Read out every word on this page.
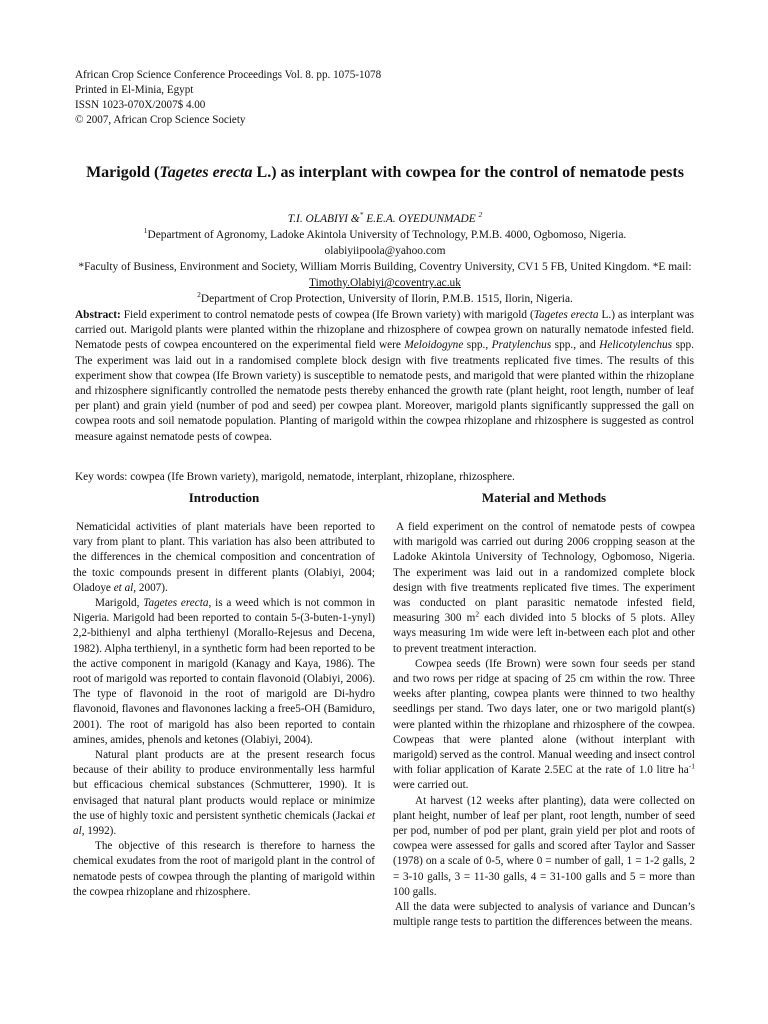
African Crop Science Conference Proceedings Vol. 8. pp. 1075-1078
Printed in El-Minia, Egypt
ISSN 1023-070X/2007$ 4.00
© 2007, African Crop Science Society
Marigold (Tagetes erecta L.) as interplant with cowpea for the control of nematode pests
T.I. OLABIYI &* E.E.A. OYEDUNMADE $^2$
$^1$Department of Agronomy, Ladoke Akintola University of Technology, P.M.B. 4000, Ogbomoso, Nigeria.
olabiyiipoola@yahoo.com
*Faculty of Business, Environment and Society, William Morris Building, Coventry University, CV1 5 FB, United Kingdom. *E mail: Timothy.Olabiyi@coventry.ac.uk
$^2$Department of Crop Protection, University of Ilorin, P.M.B. 1515, Ilorin, Nigeria.
Abstract: Field experiment to control nematode pests of cowpea (Ife Brown variety) with marigold (Tagetes erecta L.) as interplant was carried out. Marigold plants were planted within the rhizoplane and rhizosphere of cowpea grown on naturally nematode infested field. Nematode pests of cowpea encountered on the experimental field were Meloidogyne spp., Pratylenchus spp., and Helicotylenchus spp. The experiment was laid out in a randomised complete block design with five treatments replicated five times. The results of this experiment show that cowpea (Ife Brown variety) is susceptible to nematode pests, and marigold that were planted within the rhizoplane and rhizosphere significantly controlled the nematode pests thereby enhanced the growth rate (plant height, root length, number of leaf per plant) and grain yield (number of pod and seed) per cowpea plant. Moreover, marigold plants significantly suppressed the gall on cowpea roots and soil nematode population. Planting of marigold within the cowpea rhizoplane and rhizosphere is suggested as control measure against nematode pests of cowpea.
Key words: cowpea (Ife Brown variety), marigold, nematode, interplant, rhizoplane, rhizosphere.
Introduction

Nematicidal activities of plant materials have been reported to vary from plant to plant. This variation has also been attributed to the differences in the chemical composition and concentration of the toxic compounds present in different plants (Olabiyi, 2004; Oladoye et al, 2007).

Marigold, Tagetes erecta, is a weed which is not common in Nigeria. Marigold had been reported to contain 5-(3-buten-1-ynyl) 2,2-bithienyl and alpha terthienyl (Morallo-Rejesus and Decena, 1982). Alpha terthienyl, in a synthetic form had been reported to be the active component in marigold (Kanagy and Kaya, 1986). The root of marigold was reported to contain flavonoid (Olabiyi, 2006). The type of flavonoid in the root of marigold are Di-hydro flavonoid, flavones and flavonones lacking a free5-OH (Bamiduro, 2001). The root of marigold has also been reported to contain amines, amides, phenols and ketones (Olabiyi, 2004).

Natural plant products are at the present research focus because of their ability to produce environmentally less harmful but efficacious chemical substances (Schmutterer, 1990). It is envisaged that natural plant products would replace or minimize the use of highly toxic and persistent synthetic chemicals (Jackai et al, 1992).

The objective of this research is therefore to harness the chemical exudates from the root of marigold plant in the control of nematode pests of cowpea through the planting of marigold within the cowpea rhizoplane and rhizosphere.

Material and Methods

A field experiment on the control of nematode pests of cowpea with marigold was carried out during 2006 cropping season at the Ladoke Akintola University of Technology, Ogbomoso, Nigeria. The experiment was laid out in a randomized complete block design with five treatments replicated five times. The experiment was conducted on plant parasitic nematode infested field, measuring 300 $m^2$ each divided into 5 blocks of 5 plots. Alley ways measuring 1m wide were left in-between each plot and other to prevent treatment interaction.

Cowpea seeds (Ife Brown) were sown four seeds per stand and two rows per ridge at spacing of 25 cm within the row. Three weeks after planting, cowpea plants were thinned to two healthy seedlings per stand. Two days later, one or two marigold plant(s) were planted within the rhizoplane and rhizosphere of the cowpea. Cowpeas that were planted alone (without interplant with marigold) served as the control. Manual weeding and insect control with foliar application of Karate 2.5EC at the rate of 1.0 litre $ha^{-1}$ were carried out.

At harvest (12 weeks after planting), data were collected on plant height, number of leaf per plant, root length, number of seed per pod, number of pod per plant, grain yield per plot and roots of cowpea were assessed for galls and scored after Taylor and Sasser (1978) on a scale of 0-5, where 0 = number of gall, 1 = 1-2 galls, 2 = 3-10 galls, 3 = 11-30 galls, 4 = 31-100 galls and 5 = more than 100 galls.

All the data were subjected to analysis of variance and Duncan’s multiple range tests to partition the differences between the means.
